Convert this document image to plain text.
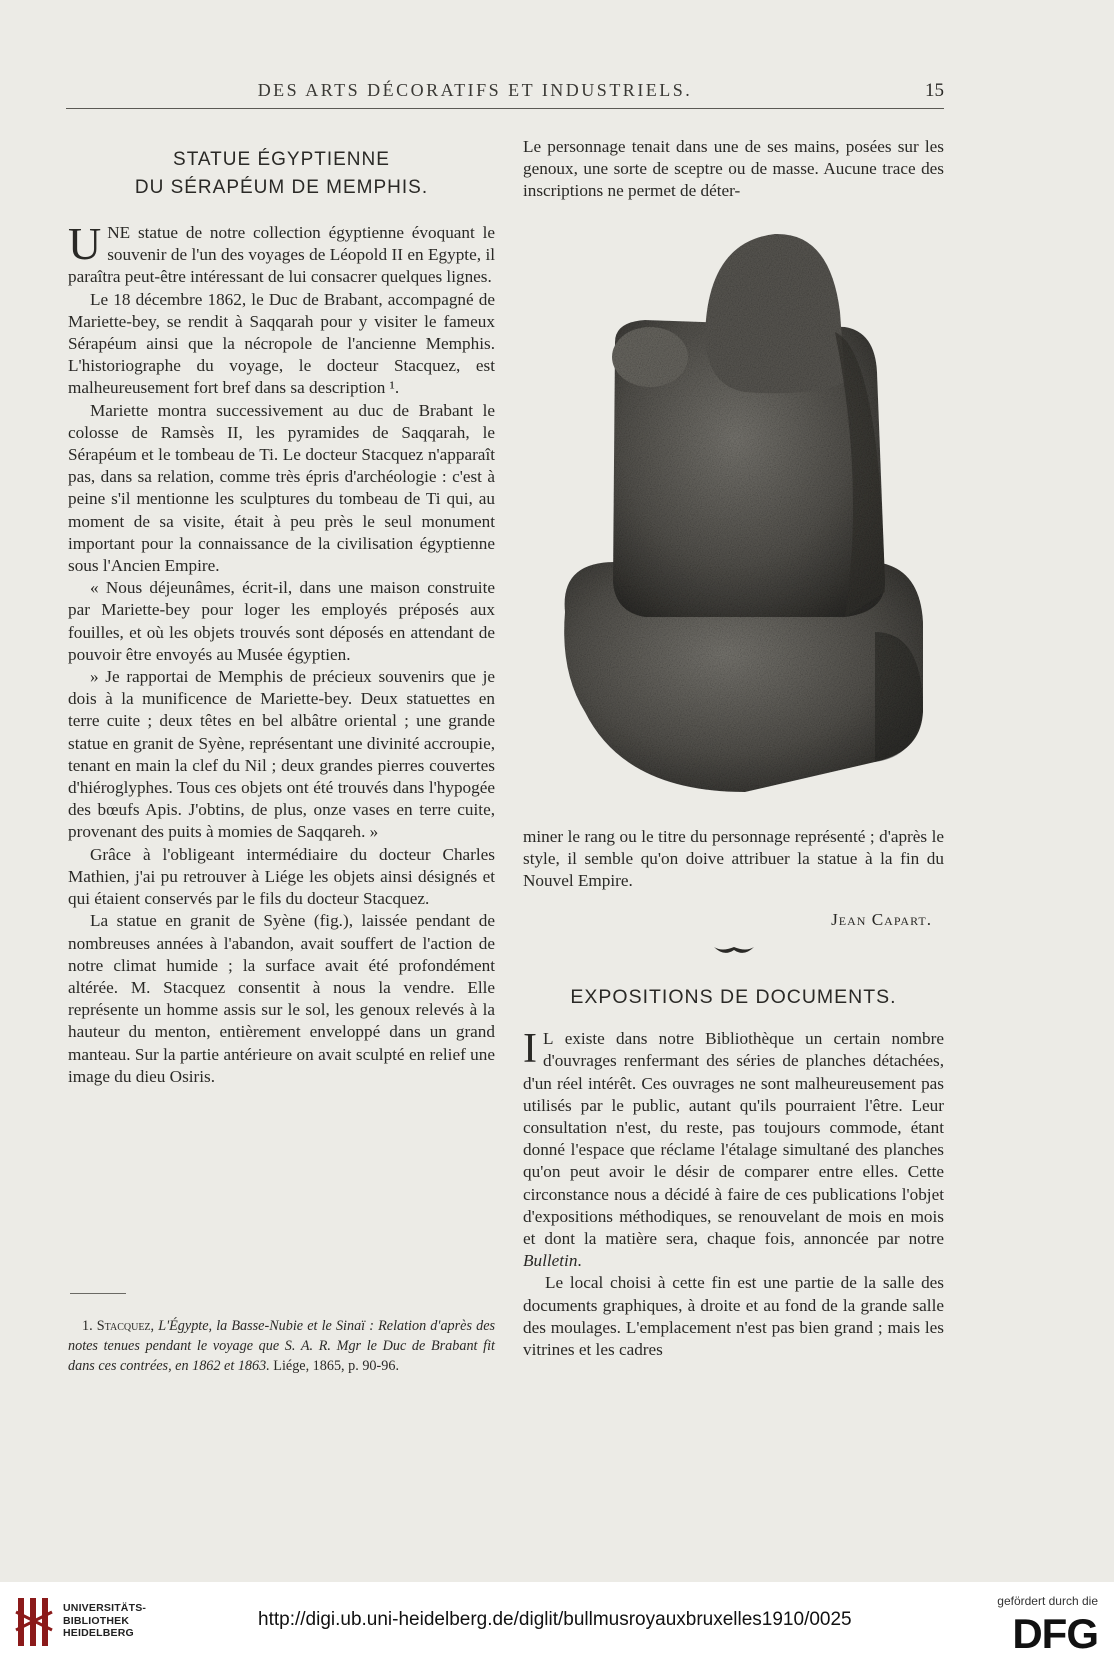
DES ARTS DÉCORATIFS ET INDUSTRIELS.	15
STATUE ÉGYPTIENNE
DU SÉRAPÉUM DE MEMPHIS.

UNE statue de notre collection égyptienne évoquant le souvenir de l'un des voyages de Léopold II en Egypte, il paraîtra peut-être intéressant de lui consacrer quelques lignes.

Le 18 décembre 1862, le Duc de Brabant, accompagné de Mariette-bey, se rendit à Saqqarah pour y visiter le fameux Sérapéum ainsi que la nécropole de l'ancienne Memphis. L'historiographe du voyage, le docteur Stacquez, est malheureusement fort bref dans sa description ¹.

Mariette montra successivement au duc de Brabant le colosse de Ramsès II, les pyramides de Saqqarah, le Sérapéum et le tombeau de Ti. Le docteur Stacquez n'apparaît pas, dans sa relation, comme très épris d'archéologie : c'est à peine s'il mentionne les sculptures du tombeau de Ti qui, au moment de sa visite, était à peu près le seul monument important pour la connaissance de la civilisation égyptienne sous l'Ancien Empire.

« Nous déjeunâmes, écrit-il, dans une maison construite par Mariette-bey pour loger les employés préposés aux fouilles, et où les objets trouvés sont déposés en attendant de pouvoir être envoyés au Musée égyptien.

» Je rapportai de Memphis de précieux souvenirs que je dois à la munificence de Mariette-bey. Deux statuettes en terre cuite ; deux têtes en bel albâtre oriental ; une grande statue en granit de Syène, représentant une divinité accroupie, tenant en main la clef du Nil ; deux grandes pierres couvertes d'hiéroglyphes. Tous ces objets ont été trouvés dans l'hypogée des bœufs Apis. J'obtins, de plus, onze vases en terre cuite, provenant des puits à momies de Saqqareh. »

Grâce à l'obligeant intermédiaire du docteur Charles Mathien, j'ai pu retrouver à Liége les objets ainsi désignés et qui étaient conservés par le fils du docteur Stacquez.

La statue en granit de Syène (fig.), laissée pendant de nombreuses années à l'abandon, avait souffert de l'action de notre climat humide ; la surface avait été profondément altérée. M. Stacquez consentit à nous la vendre. Elle représente un homme assis sur le sol, les genoux relevés à la hauteur du menton, entièrement enveloppé dans un grand manteau. Sur la partie antérieure on avait sculpté en relief une image du dieu Osiris.

1. Stacquez, L'Égypte, la Basse-Nubie et le Sinaï : Relation d'après des notes tenues pendant le voyage que S. A. R. Mgr le Duc de Brabant fit dans ces contrées, en 1862 et 1863. Liége, 1865, p. 90-96.

Le personnage tenait dans une de ses mains, posées sur les genoux, une sorte de sceptre ou de masse. Aucune trace des inscriptions ne permet de déter-

miner le rang ou le titre du personnage représenté ; d'après le style, il semble qu'on doive attribuer la statue à la fin du Nouvel Empire.

Jean Capart.

EXPOSITIONS DE DOCUMENTS.

I L existe dans notre Bibliothèque un certain nombre d'ouvrages renfermant des séries de planches détachées, d'un réel intérêt. Ces ouvrages ne sont malheureusement pas utilisés par le public, autant qu'ils pourraient l'être. Leur consultation n'est, du reste, pas toujours commode, étant donné l'espace que réclame l'étalage simultané des planches qu'on peut avoir le désir de comparer entre elles. Cette circonstance nous a décidé à faire de ces publications l'objet d'expositions méthodiques, se renouvelant de mois en mois et dont la matière sera, chaque fois, annoncée par notre Bulletin.

Le local choisi à cette fin est une partie de la salle des documents graphiques, à droite et au fond de la grande salle des moulages. L'emplacement n'est pas bien grand ; mais les vitrines et les cadres

UNIVERSITÄTS-
BIBLIOTHEK
HEIDELBERG
http://digi.ub.uni-heidelberg.de/diglit/bullmusroyauxbruxelles1910/0025
gefördert durch die
DFG
